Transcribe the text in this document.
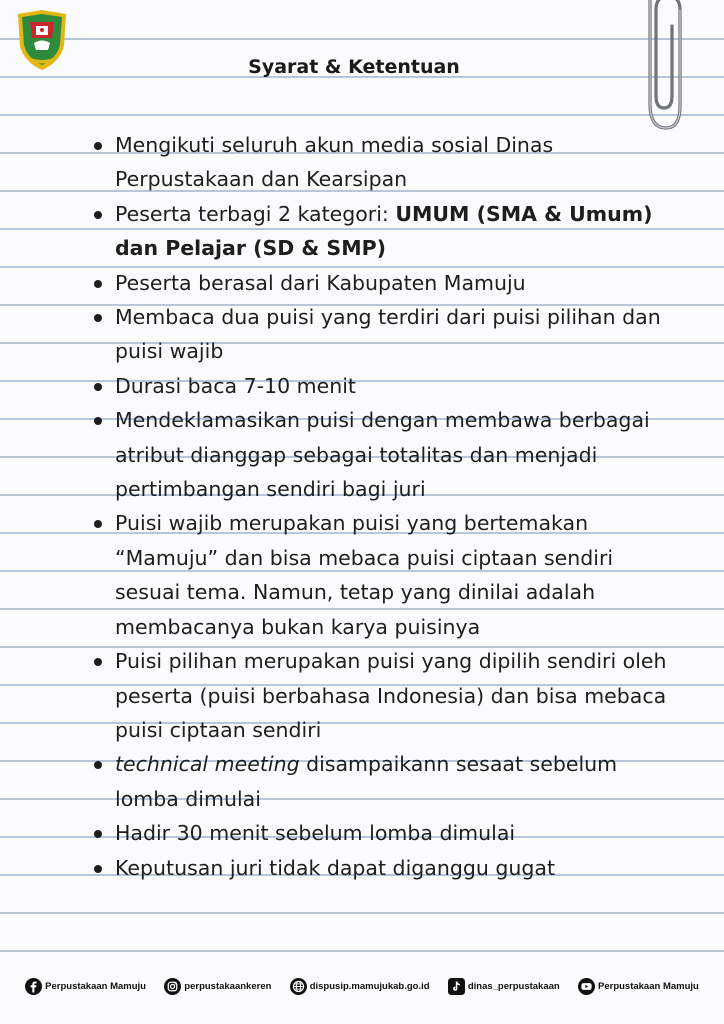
Syarat & Ketentuan
Mengikuti seluruh akun media sosial Dinas Perpustakaan dan Kearsipan
Peserta terbagi 2 kategori: UMUM (SMA & Umum) dan Pelajar (SD & SMP)
Peserta berasal dari Kabupaten Mamuju
Membaca dua puisi yang terdiri dari puisi pilihan dan puisi wajib
Durasi baca 7-10 menit
Mendeklamasikan puisi dengan membawa berbagai atribut dianggap sebagai totalitas dan menjadi pertimbangan sendiri bagi juri
Puisi wajib merupakan puisi yang bertemakan “Mamuju” dan bisa mebaca puisi ciptaan sendiri sesuai tema. Namun, tetap yang dinilai adalah membacanya bukan karya puisinya
Puisi pilihan merupakan puisi yang dipilih sendiri oleh peserta (puisi berbahasa Indonesia) dan bisa mebaca puisi ciptaan sendiri
technical meeting disampaikann sesaat sebelum lomba dimulai
Hadir 30 menit sebelum lomba dimulai
Keputusan juri tidak dapat diganggu gugat
Perpustakaan Mamuju	perpustakaankeren	dispusip.mamujukab.go.id	dinas_perpustakaan	Perpustakaan Mamuju
